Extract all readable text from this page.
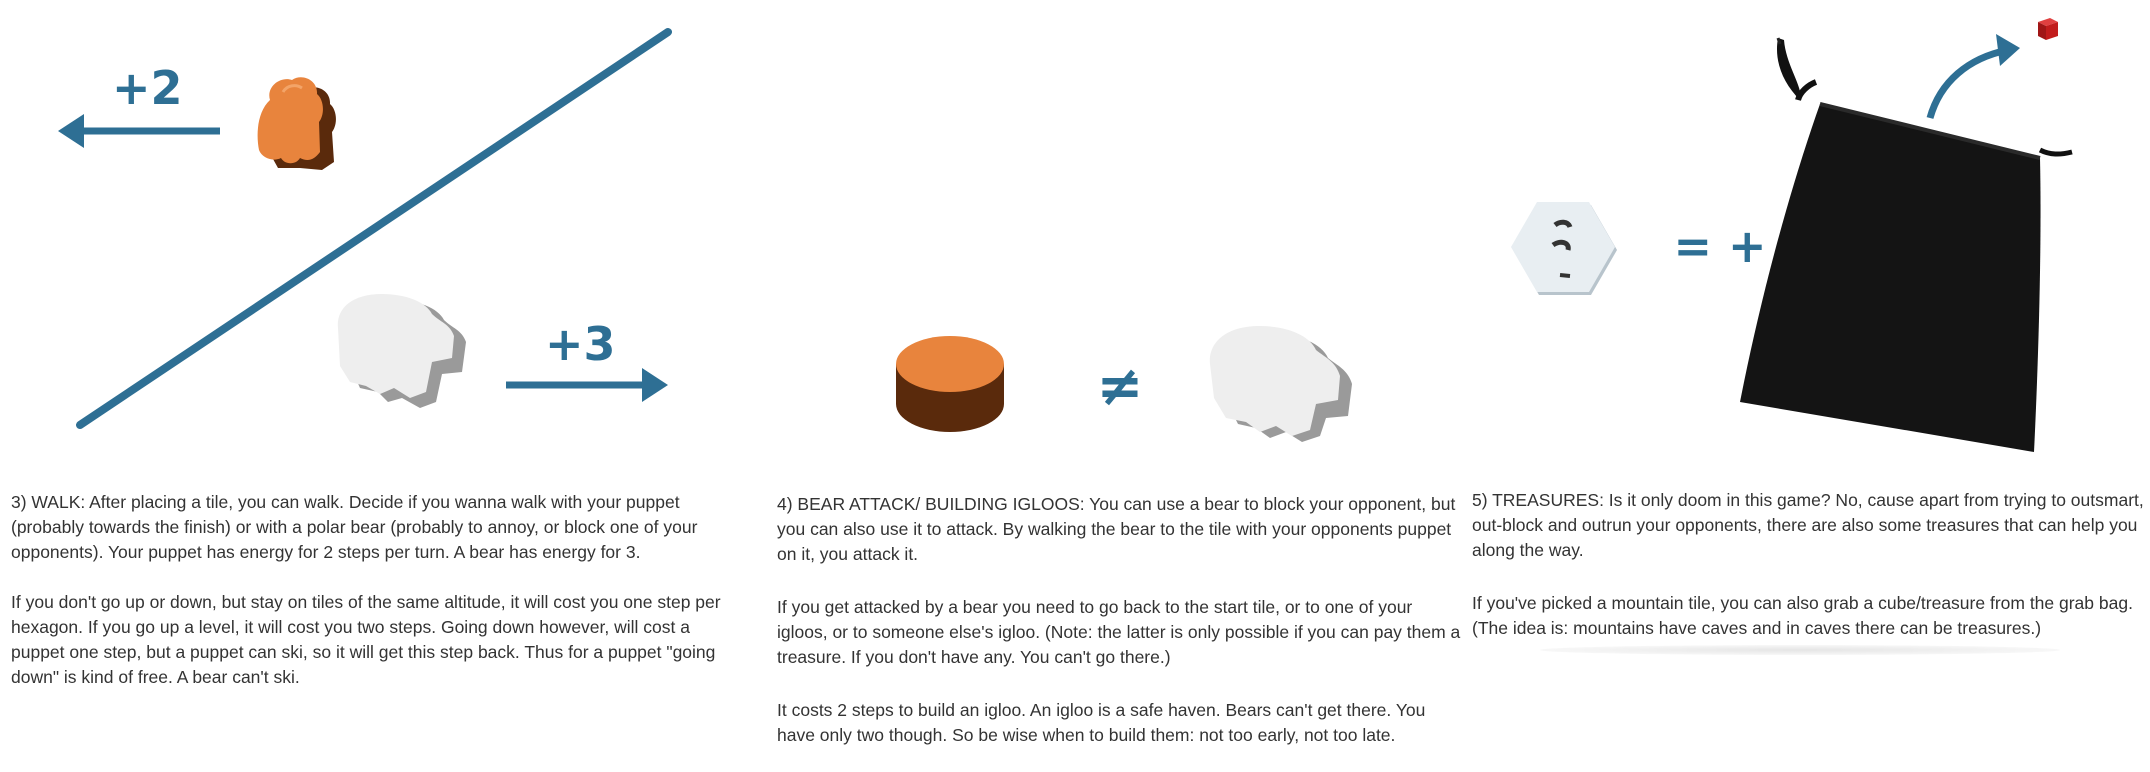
+2
+3

3) WALK: After placing a tile, you can walk. Decide if you wanna walk with your puppet (probably towards the finish) or with a polar bear (probably to annoy, or block one of your opponents). Your puppet has energy for 2 steps per turn. A bear has energy for 3.

If you don't go up or down, but stay on tiles of the same altitude, it will cost you one step per hexagon. If you go up a level, it will cost you two steps. Going down however, will cost a puppet one step, but a puppet can ski, so it will get this step back. Thus for a puppet "going down" is kind of free. A bear can't ski.

≠

4) BEAR ATTACK/ BUILDING IGLOOS: You can use a bear to block your opponent, but you can also use it to attack. By walking the bear to the tile with your opponents puppet on it, you attack it.

If you get attacked by a bear you need to go back to the start tile, or to one of your igloos, or to someone else's igloo. (Note: the latter is only possible if you can pay them a treasure. If you don't have any. You can't go there.)

It costs 2 steps to build an igloo. An igloo is a safe haven. Bears can't get there. You have only two though. So be wise when to build them: not too early, not too late.

= +

5) TREASURES: Is it only doom in this game? No, cause apart from trying to outsmart, out-block and outrun your opponents, there are also some treasures that can help you along the way.

If you've picked a mountain tile, you can also grab a cube/treasure from the grab bag. (The idea is: mountains have caves and in caves there can be treasures.)
